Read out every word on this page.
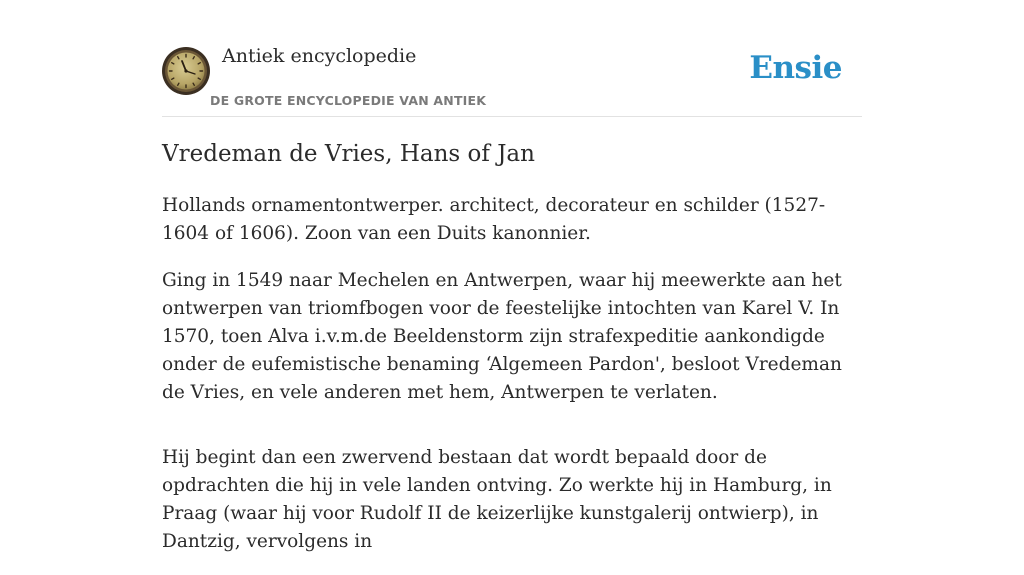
Antiek encyclopedie
DE GROTE ENCYCLOPEDIE VAN ANTIEK
Ensie
Vredeman de Vries, Hans of Jan

Hollands ornamentontwerper. architect, decorateur en schilder (1527-1604 of 1606). Zoon van een Duits kanonnier.

Ging in 1549 naar Mechelen en Antwerpen, waar hij meewerkte aan het ontwerpen van triomfbogen voor de feestelijke intochten van Karel V. In 1570, toen Alva i.v.m.de Beeldenstorm zijn strafexpeditie aankondigde onder de eufemistische benaming ‘Algemeen Pardon', besloot Vredeman de Vries, en vele anderen met hem, Antwerpen te verlaten.

Hij begint dan een zwervend bestaan dat wordt bepaald door de opdrachten die hij in vele landen ontving. Zo werkte hij in Hamburg, in Praag (waar hij voor Rudolf II de keizerlijke kunstgalerij ontwierp), in Dantzig, vervolgens in
